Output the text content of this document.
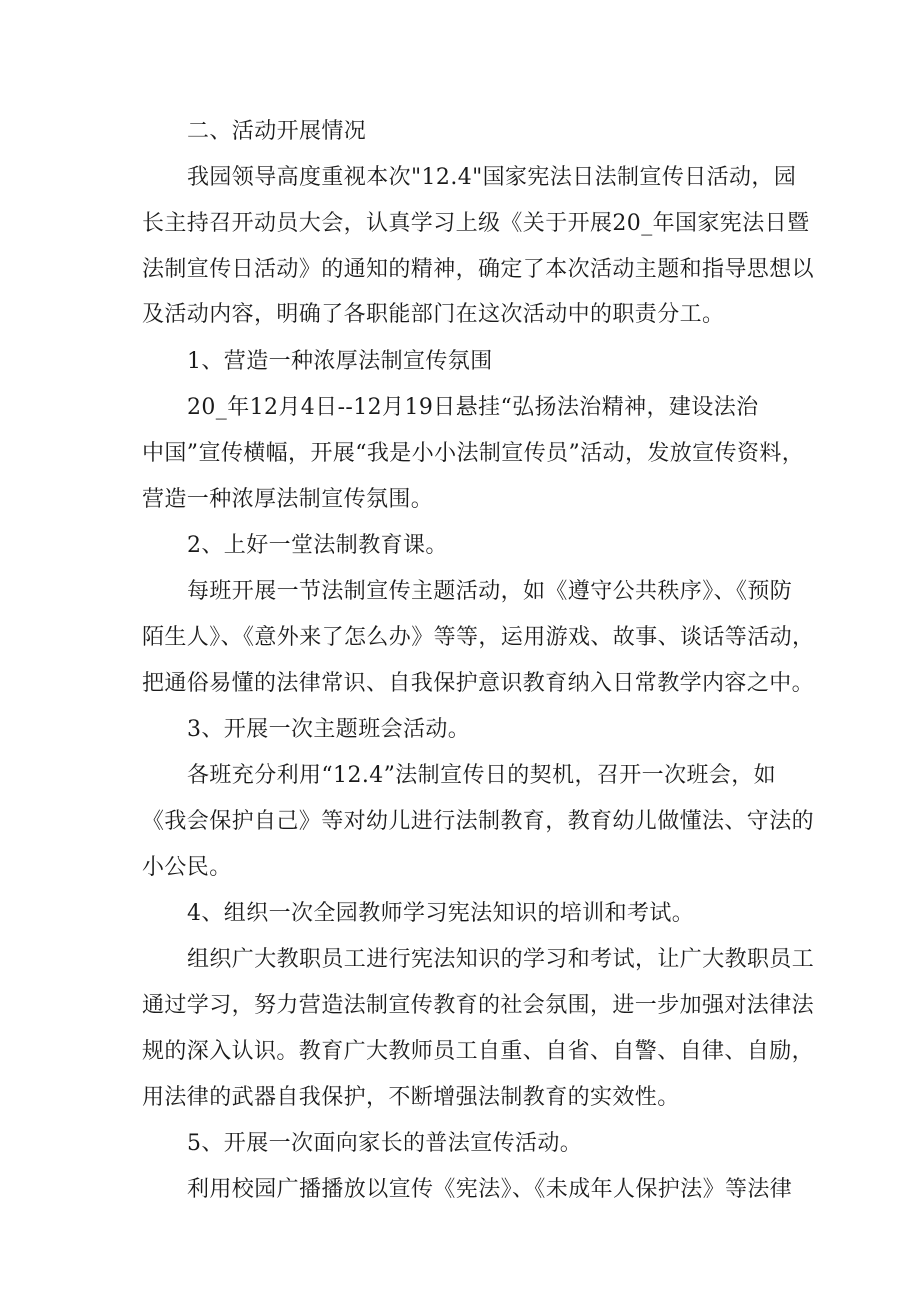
二、活动开展情况
我园领导高度重视本次"12.4"国家宪法日法制宣传日活动，园
长主持召开动员大会，认真学习上级《关于开展20_年国家宪法日暨
法制宣传日活动》的通知的精神，确定了本次活动主题和指导思想以
及活动内容，明确了各职能部门在这次活动中的职责分工。
1、营造一种浓厚法制宣传氛围
20_年12月4日--12月19日悬挂“弘扬法治精神，建设法治
中国”宣传横幅，开展“我是小小法制宣传员”活动，发放宣传资料，
营造一种浓厚法制宣传氛围。
2、上好一堂法制教育课。
每班开展一节法制宣传主题活动，如《遵守公共秩序》、《预防
陌生人》、《意外来了怎么办》等等，运用游戏、故事、谈话等活动，
把通俗易懂的法律常识、自我保护意识教育纳入日常教学内容之中。
3、开展一次主题班会活动。
各班充分利用“12.4”法制宣传日的契机，召开一次班会，如
《我会保护自己》等对幼儿进行法制教育，教育幼儿做懂法、守法的
小公民。
4、组织一次全园教师学习宪法知识的培训和考试。
组织广大教职员工进行宪法知识的学习和考试，让广大教职员工
通过学习，努力营造法制宣传教育的社会氛围，进一步加强对法律法
规的深入认识。教育广大教师员工自重、自省、自警、自律、自励，
用法律的武器自我保护，不断增强法制教育的实效性。
5、开展一次面向家长的普法宣传活动。
利用校园广播播放以宣传《宪法》、《未成年人保护法》等法律
